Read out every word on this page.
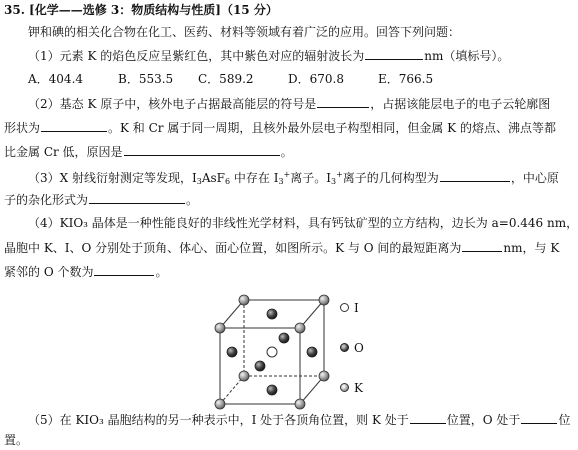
35. [化学——选修 3：物质结构与性质]（15 分）
钾和碘的相关化合物在化工、医药、材料等领域有着广泛的应用。回答下列问题：
（1）元素 K 的焰色反应呈紫红色，其中紫色对应的辐射波长为	nm（填标号）。
A．404.4	B．553.5 C．589.2	D．670.8	E．766.5
（2）基态 K 原子中，核外电子占据最高能层的符号是	，占据该能层电子的电子云轮廓图
形状为	。K 和 Cr 属于同一周期，且核外最外层电子构型相同，但金属 K 的熔点、沸点等都
比金属 Cr 低，原因是	。
（3）X 射线衍射测定等发现，$I_3AsF_6$ 中存在 $I_3^+$离子。$I_3^+$离子的几何构型为	，中心原
子的杂化形式为	。
（4）KIO₃ 晶体是一种性能良好的非线性光学材料，具有钙钛矿型的立方结构，边长为 a=0.446 nm，
晶胞中 K、I、O 分别处于顶角、体心、面心位置，如图所示。K 与 O 间的最短距离为	nm，与 K
紧邻的 O 个数为	。
I
O
K
（5）在 KIO₃ 晶胞结构的另一种表示中，I 处于各顶角位置，则 K 处于	位置，O 处于	位
置。
